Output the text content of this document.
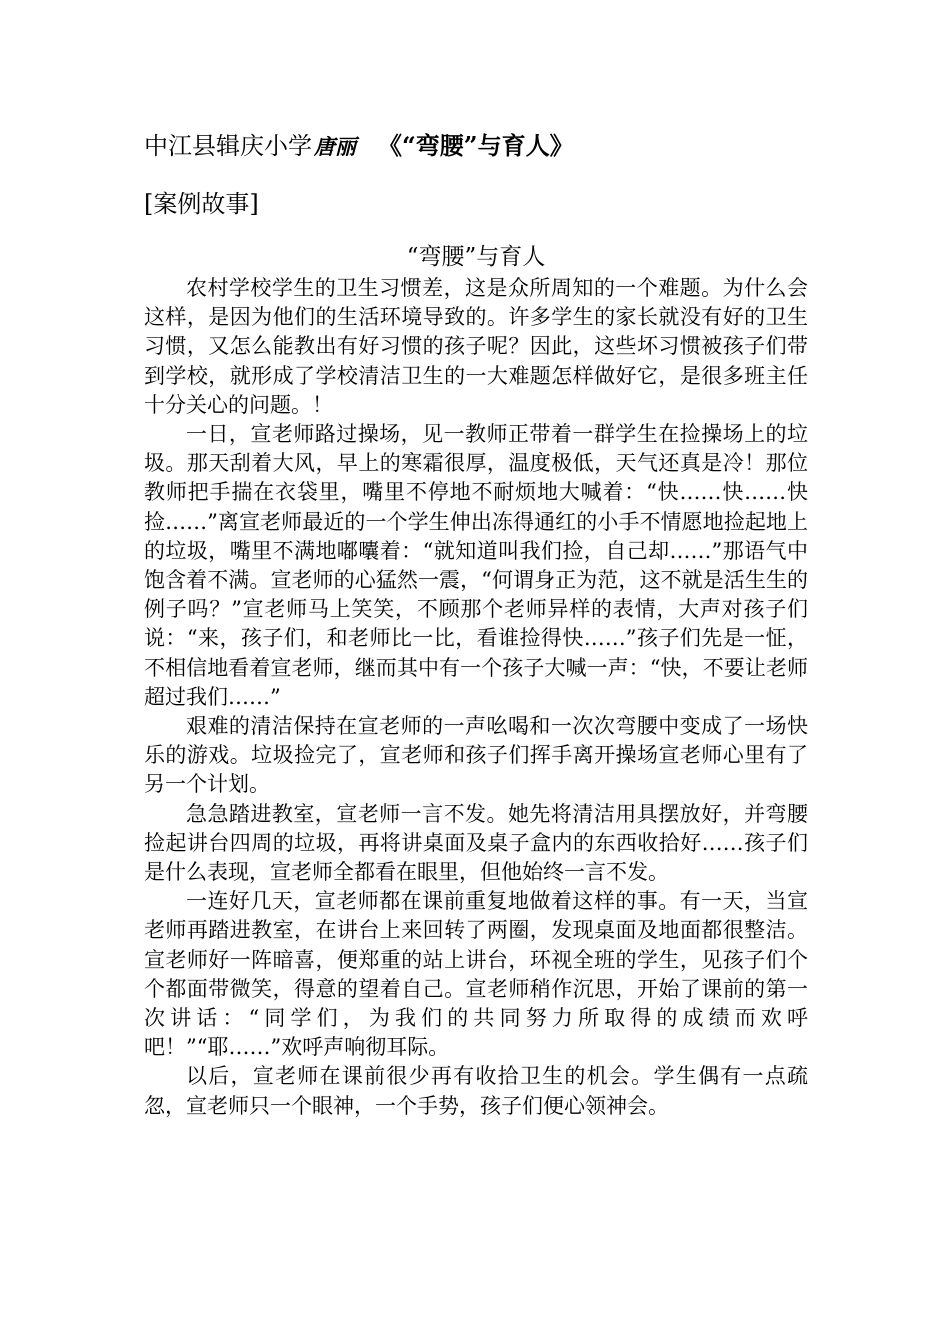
中江县辑庆小学唐丽 《“弯腰”与育人》
[案例故事]
“弯腰”与育人

农村学校学生的卫生习惯差，这是众所周知的一个难题。为什么会这样，是因为他们的生活环境导致的。许多学生的家长就没有好的卫生习惯，又怎么能教出有好习惯的孩子呢？因此，这些坏习惯被孩子们带到学校，就形成了学校清洁卫生的一大难题怎样做好它，是很多班主任十分关心的问题。！

一日，宣老师路过操场，见一教师正带着一群学生在捡操场上的垃圾。那天刮着大风，早上的寒霜很厚，温度极低，天气还真是冷！那位教师把手揣在衣袋里，嘴里不停地不耐烦地大喊着：“快……快……快捡……”离宣老师最近的一个学生伸出冻得通红的小手不情愿地捡起地上的垃圾，嘴里不满地嘟囔着：“就知道叫我们捡，自己却……”那语气中饱含着不满。宣老师的心猛然一震，“何谓身正为范，这不就是活生生的例子吗？”宣老师马上笑笑，不顾那个老师异样的表情，大声对孩子们说：“来，孩子们，和老师比一比，看谁捡得快……”孩子们先是一怔，不相信地看着宣老师，继而其中有一个孩子大喊一声：“快，不要让老师超过我们……”

艰难的清洁保持在宣老师的一声吆喝和一次次弯腰中变成了一场快乐的游戏。垃圾捡完了，宣老师和孩子们挥手离开操场宣老师心里有了另一个计划。

急急踏进教室，宣老师一言不发。她先将清洁用具摆放好，并弯腰捡起讲台四周的垃圾，再将讲桌面及桌子盒内的东西收拾好……孩子们是什么表现，宣老师全都看在眼里，但他始终一言不发。

一连好几天，宣老师都在课前重复地做着这样的事。有一天，当宣老师再踏进教室，在讲台上来回转了两圈，发现桌面及地面都很整洁。宣老师好一阵暗喜，便郑重的站上讲台，环视全班的学生，见孩子们个个都面带微笑，得意的望着自己。宣老师稍作沉思，开始了课前的第一次讲话：“同学们，为我们的共同努力所取得的成绩而欢呼吧！”“耶……”欢呼声响彻耳际。

以后，宣老师在课前很少再有收拾卫生的机会。学生偶有一点疏忽，宣老师只一个眼神，一个手势，孩子们便心领神会。
